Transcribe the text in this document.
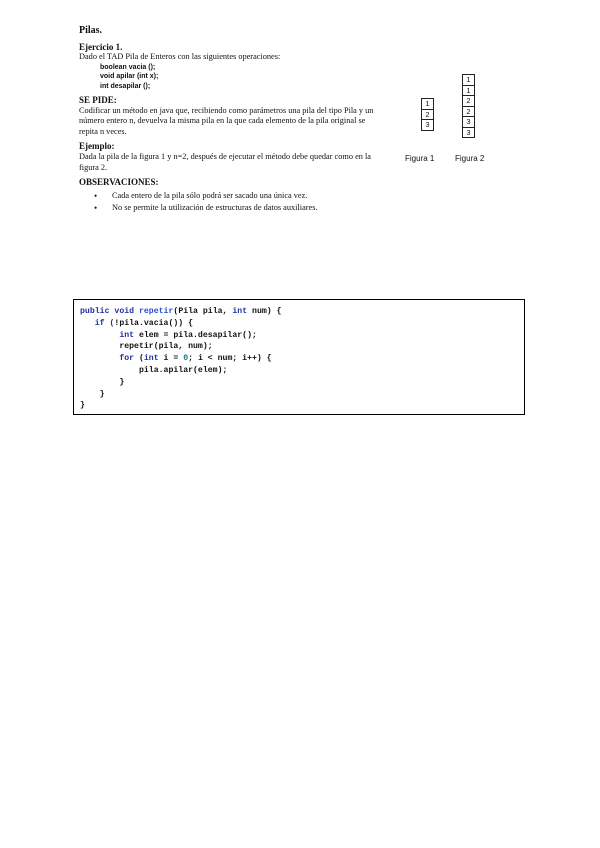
Pilas.
Ejercicio 1.

Dado el TAD Pila de Enteros con las siguientes operaciones:

boolean vacia ();
void apilar (int x);
int desapilar ();
SE PIDE:

Codificar un método en java que, recibiendo como parámetros una pila del tipo Pila y un número entero n, devuelva la misma pila en la que cada elemento de la pila original se repita n veces.

Ejemplo:

Dada la pila de la figura 1 y n=2, después de ejecutar el método debe quedar como en la figura 2.

OBSERVACIONES:
• Cada entero de la pila sólo podrá ser sacado una única vez.
• No se permite la utilización de estructuras de datos auxiliares.
1
2
3
1
1
2
2
3
3
Figura 1	Figura 2
public void repetir(Pila pila, int num) {
if (!pila.vacia()) {
int elem = pila.desapilar();
repetir(pila, num);
for (int i = 0; i < num; i++) {
pila.apilar(elem);
}
}
}
